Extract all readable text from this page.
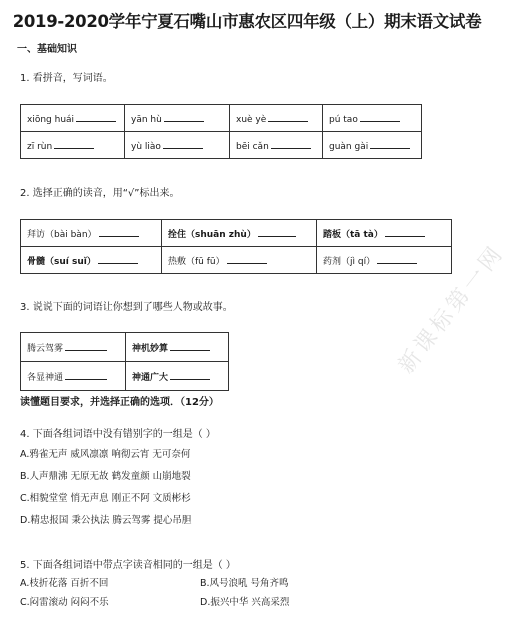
2019-2020学年宁夏石嘴山市惠农区四年级（上）期末语文试卷
一、基础知识
1. 看拼音，写词语。
xiōng huái	yān hù	xuè yè	pú tao
zī rùn	yù liào	bēi cǎn	guàn gài
2. 选择正确的读音，用“√”标出来。
拜访（bài bàn）	拴住（shuān zhù）	踏板（tā tà）
骨髓（suí suǐ）	热敷（fū fū）	药剂（jì qí）
3. 说说下面的词语让你想到了哪些人物或故事。
腾云驾雾	神机妙算
各显神通	神通广大
读懂题目要求，并选择正确的选项．（12分）
4. 下面各组词语中没有错别字的一组是（ ）
A.鸦雀无声 威风凛凛 响彻云宵 无可奈何
B.人声鼎沸 无原无故 鹤发童颜 山崩地裂
C.相貌堂堂 悄无声息 刚正不阿 文质彬杉
D.精忠报国 秉公执法 腾云驾雾 提心吊胆
5. 下面各组词语中带点字读音相同的一组是（ ）
A.枝折花落 百折不回	B.风号浪吼 号角齐鸣
C.闷雷滚动 闷闷不乐	D.振兴中华 兴高采烈
新课标第一网
